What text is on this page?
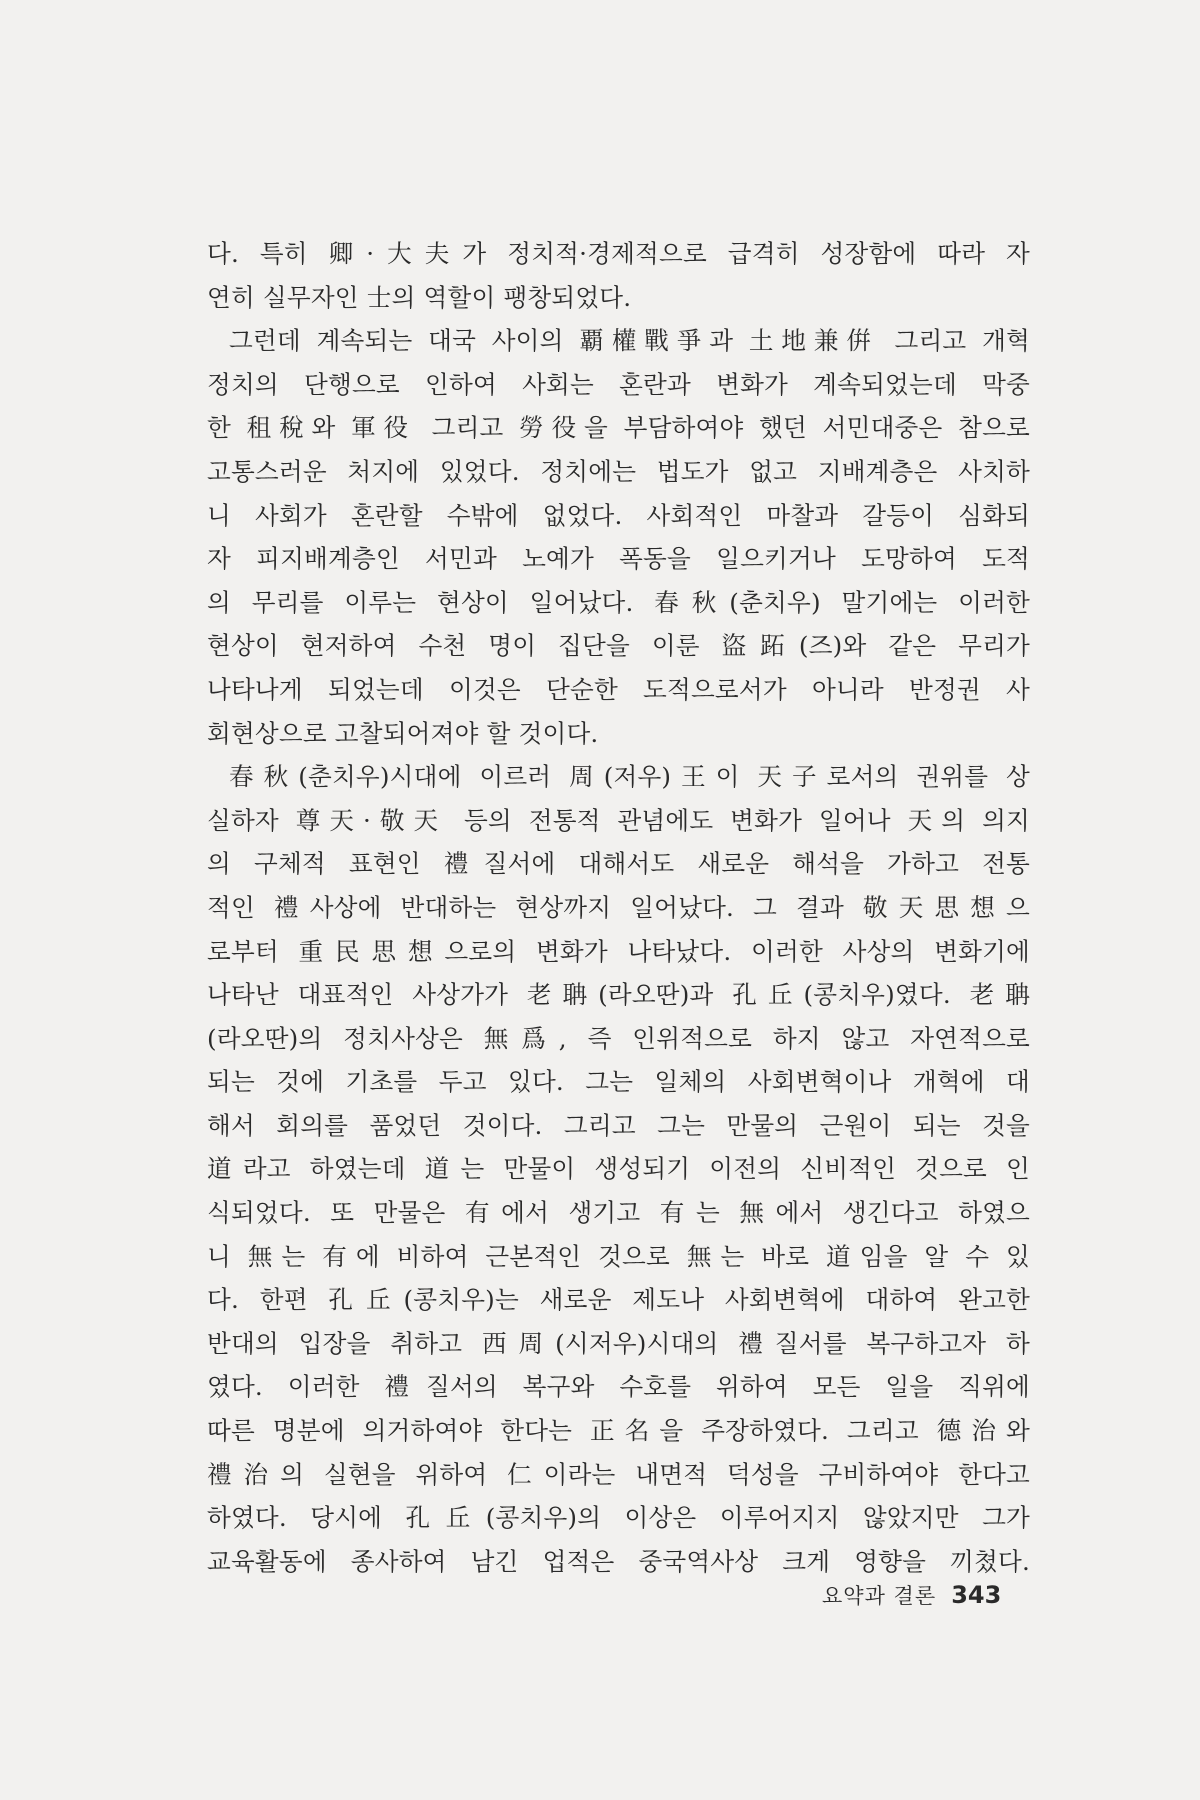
다. 특히 卿·大夫가 정치적·경제적으로 급격히 성장함에 따라 자
연히 실무자인 士의 역할이 팽창되었다.
그런데 계속되는 대국 사이의 覇權戰爭과 土地兼倂 그리고 개혁
정치의 단행으로 인하여 사회는 혼란과 변화가 계속되었는데 막중
한 租稅와 軍役 그리고 勞役을 부담하여야 했던 서민대중은 참으로
고통스러운 처지에 있었다. 정치에는 법도가 없고 지배계층은 사치하
니 사회가 혼란할 수밖에 없었다. 사회적인 마찰과 갈등이 심화되
자 피지배계층인 서민과 노예가 폭동을 일으키거나 도망하여 도적
의 무리를 이루는 현상이 일어났다. 春秋(춘치우) 말기에는 이러한
현상이 현저하여 수천 명이 집단을 이룬 盜跖(즈)와 같은 무리가
나타나게 되었는데 이것은 단순한 도적으로서가 아니라 반정권 사
회현상으로 고찰되어져야 할 것이다.
春秋(춘치우)시대에 이르러 周(저우)王이 天子로서의 권위를 상
실하자 尊天·敬天 등의 전통적 관념에도 변화가 일어나 天의 의지
의 구체적 표현인 禮질서에 대해서도 새로운 해석을 가하고 전통
적인 禮사상에 반대하는 현상까지 일어났다. 그 결과 敬天思想으
로부터 重民思想으로의 변화가 나타났다. 이러한 사상의 변화기에
나타난 대표적인 사상가가 老聃(라오딴)과 孔丘(콩치우)였다. 老聃
(라오딴)의 정치사상은 無爲, 즉 인위적으로 하지 않고 자연적으로
되는 것에 기초를 두고 있다. 그는 일체의 사회변혁이나 개혁에 대
해서 회의를 품었던 것이다. 그리고 그는 만물의 근원이 되는 것을
道라고 하였는데 道는 만물이 생성되기 이전의 신비적인 것으로 인
식되었다. 또 만물은 有에서 생기고 有는 無에서 생긴다고 하였으
니 無는 有에 비하여 근본적인 것으로 無는 바로 道임을 알 수 있
다. 한편 孔丘(콩치우)는 새로운 제도나 사회변혁에 대하여 완고한
반대의 입장을 취하고 西周(시저우)시대의 禮질서를 복구하고자 하
였다. 이러한 禮질서의 복구와 수호를 위하여 모든 일을 직위에
따른 명분에 의거하여야 한다는 正名을 주장하였다. 그리고 德治와
禮治의 실현을 위하여 仁이라는 내면적 덕성을 구비하여야 한다고
하였다. 당시에 孔丘(콩치우)의 이상은 이루어지지 않았지만 그가
교육활동에 종사하여 남긴 업적은 중국역사상 크게 영향을 끼쳤다.
요약과 결론 343
